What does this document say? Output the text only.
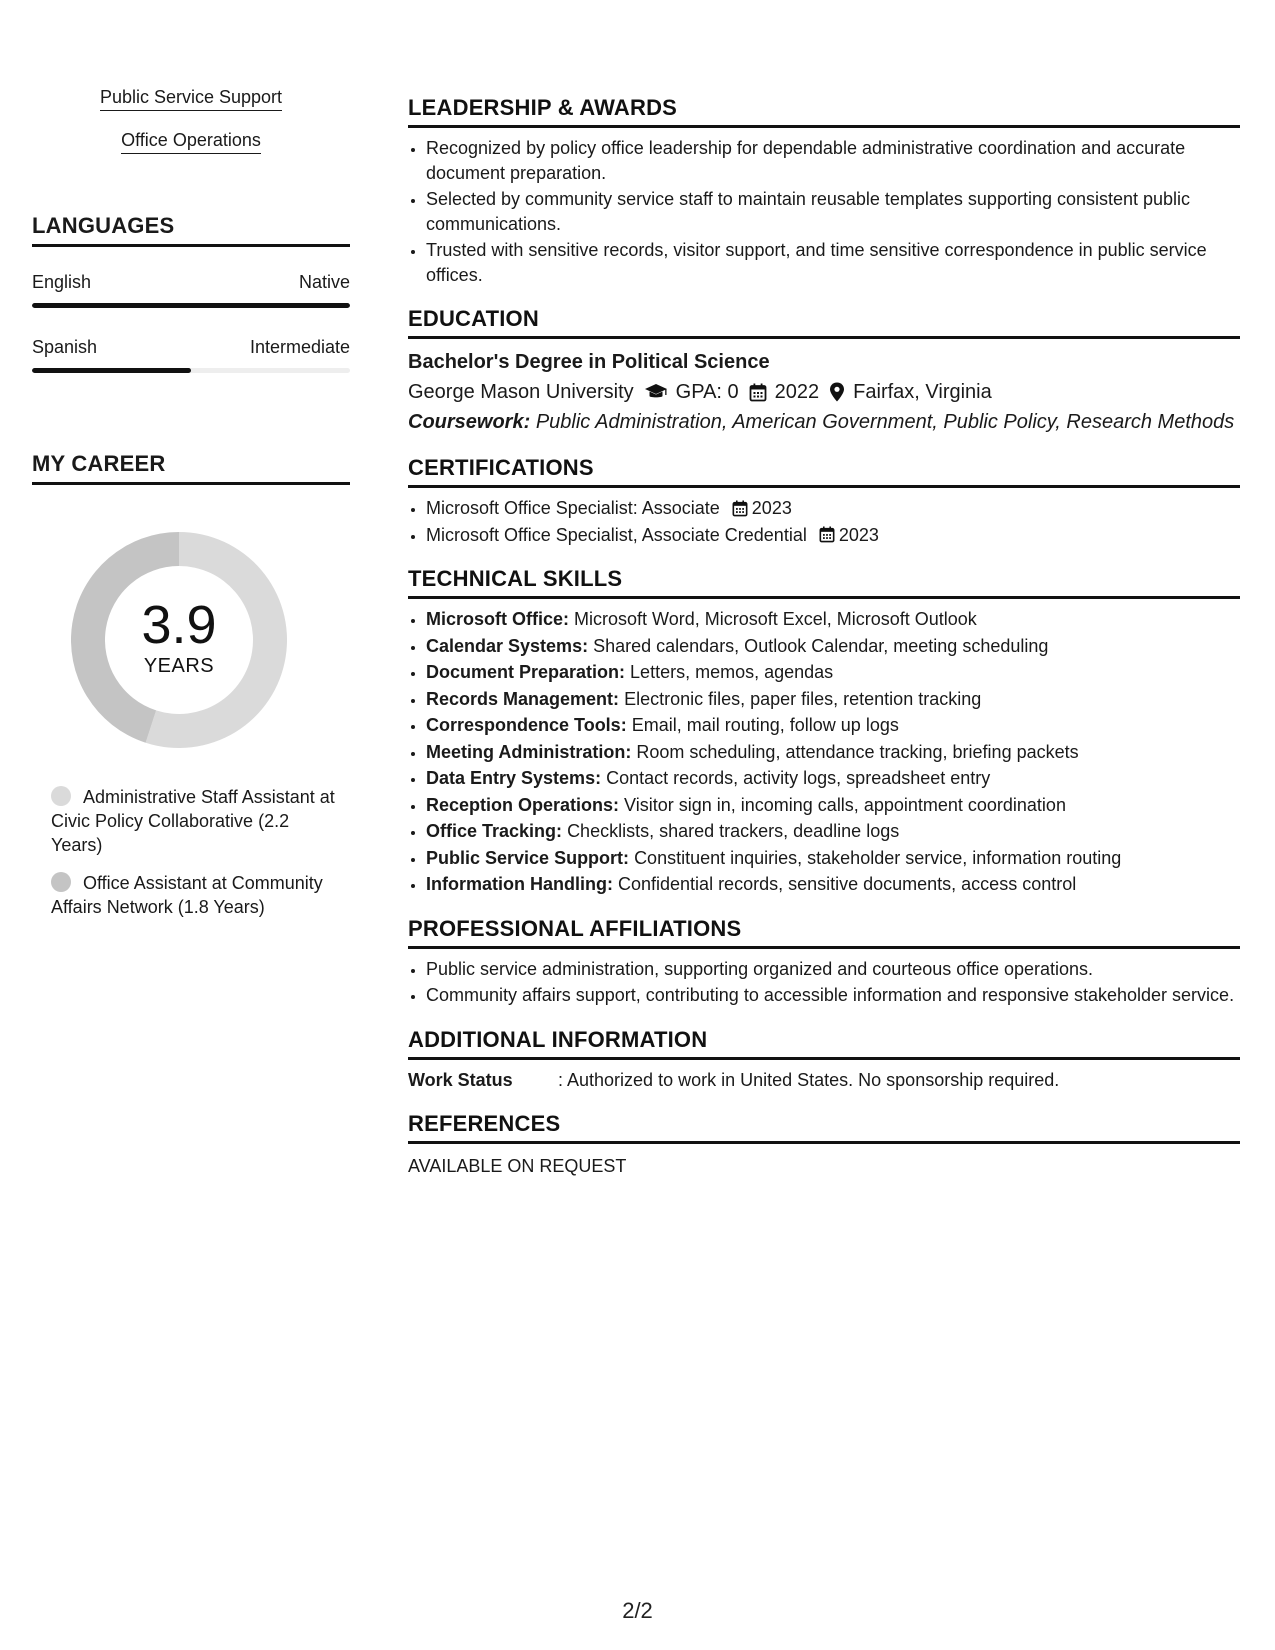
Public Service Support
Office Operations
LANGUAGES
English	Native
Spanish	Intermediate
MY CAREER
3.9
YEARS
Administrative Staff Assistant at Civic Policy Collaborative (2.2 Years)
Office Assistant at Community Affairs Network (1.8 Years)
LEADERSHIP & AWARDS
• Recognized by policy office leadership for dependable administrative coordination and accurate document preparation.
• Selected by community service staff to maintain reusable templates supporting consistent public communications.
• Trusted with sensitive records, visitor support, and time sensitive correspondence in public service offices.
EDUCATION
Bachelor's Degree in Political Science
George Mason University GPA: 0 2022 Fairfax, Virginia
Coursework: Public Administration, American Government, Public Policy, Research Methods
CERTIFICATIONS
• Microsoft Office Specialist: Associate 2023
• Microsoft Office Specialist, Associate Credential 2023
TECHNICAL SKILLS
• Microsoft Office: Microsoft Word, Microsoft Excel, Microsoft Outlook
• Calendar Systems: Shared calendars, Outlook Calendar, meeting scheduling
• Document Preparation: Letters, memos, agendas
• Records Management: Electronic files, paper files, retention tracking
• Correspondence Tools: Email, mail routing, follow up logs
• Meeting Administration: Room scheduling, attendance tracking, briefing packets
• Data Entry Systems: Contact records, activity logs, spreadsheet entry
• Reception Operations: Visitor sign in, incoming calls, appointment coordination
• Office Tracking: Checklists, shared trackers, deadline logs
• Public Service Support: Constituent inquiries, stakeholder service, information routing
• Information Handling: Confidential records, sensitive documents, access control
PROFESSIONAL AFFILIATIONS
• Public service administration, supporting organized and courteous office operations.
• Community affairs support, contributing to accessible information and responsive stakeholder service.
ADDITIONAL INFORMATION
Work Status	: Authorized to work in United States. No sponsorship required.
REFERENCES
AVAILABLE ON REQUEST
2/2
